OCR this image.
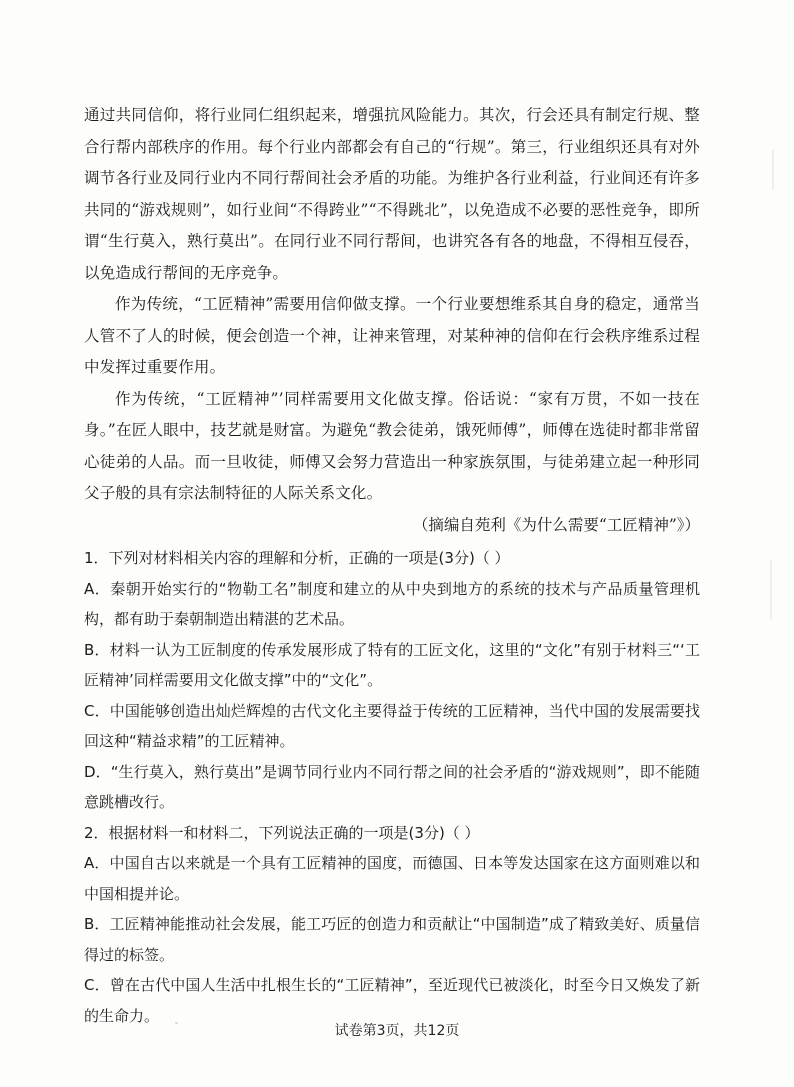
通过共同信仰，将行业同仁组织起来，增强抗风险能力。其次，行会还具有制定行规、整合行帮内部秩序的作用。每个行业内部都会有自己的“行规”。第三，行业组织还具有对外调节各行业及同行业内不同行帮间社会矛盾的功能。为维护各行业利益，行业间还有许多共同的“游戏规则”，如行业间“不得跨业”“不得跳北”，以免造成不必要的恶性竞争，即所谓“生行莫入，熟行莫出”。在同行业不同行帮间，也讲究各有各的地盘，不得相互侵吞，以免造成行帮间的无序竞争。

作为传统，“工匠精神”需要用信仰做支撑。一个行业要想维系其自身的稳定，通常当人管不了人的时候，便会创造一个神，让神来管理，对某种神的信仰在行会秩序维系过程中发挥过重要作用。

作为传统，“工匠精神”’同样需要用文化做支撑。俗话说：“家有万贯，不如一技在身。”在匠人眼中，技艺就是财富。为避免“教会徒弟，饿死师傅”，师傅在选徒时都非常留心徒弟的人品。而一旦收徒，师傅又会努力营造出一种家族氛围，与徒弟建立起一种形同父子般的具有宗法制特征的人际关系文化。

（摘编自苑利《为什么需要“工匠精神”》）

1．下列对材料相关内容的理解和分析，正确的一项是(3分)（ ）

A．秦朝开始实行的“物勒工名”制度和建立的从中央到地方的系统的技术与产品质量管理机构，都有助于秦朝制造出精湛的艺术品。

B．材料一认为工匠制度的传承发展形成了特有的工匠文化，这里的“文化”有别于材料三“‘工匠精神’同样需要用文化做支撑”中的“文化”。

C．中国能够创造出灿烂辉煌的古代文化主要得益于传统的工匠精神，当代中国的发展需要找回这种“精益求精”的工匠精神。

D．“生行莫入，熟行莫出”是调节同行业内不同行帮之间的社会矛盾的“游戏规则”，即不能随意跳槽改行。

2．根据材料一和材料二，下列说法正确的一项是(3分)（ ）

A．中国自古以来就是一个具有工匠精神的国度，而德国、日本等发达国家在这方面则难以和中国相提并论。

B．工匠精神能推动社会发展，能工巧匠的创造力和贡献让“中国制造”成了精致美好、质量信得过的标签。

C．曾在古代中国人生活中扎根生长的“工匠精神”，至近现代已被淡化，时至今日又焕发了新的生命力。

试卷第3页，共12页
